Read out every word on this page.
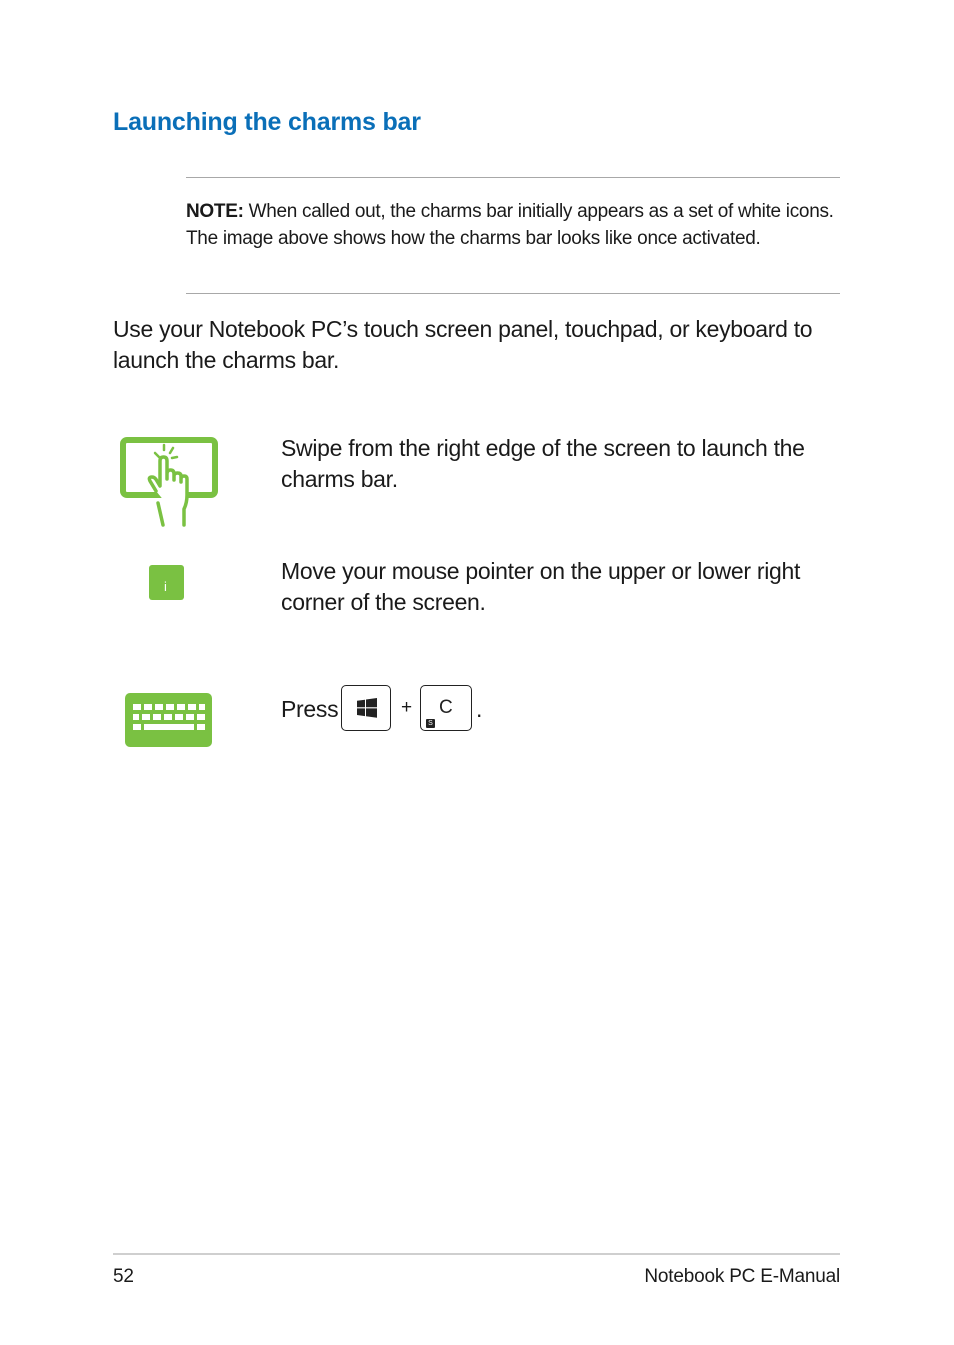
Launching the charms bar
NOTE: When called out, the charms bar initially appears as a set of white icons. The image above shows how the charms bar looks like once activated.
Use your Notebook PC’s touch screen panel, touchpad, or keyboard to launch the charms bar.
Swipe from the right edge of the screen to launch the charms bar.
i
Move your mouse pointer on the upper or lower right corner of the screen.
Press	+ C
S
.
52	Notebook PC E-Manual
